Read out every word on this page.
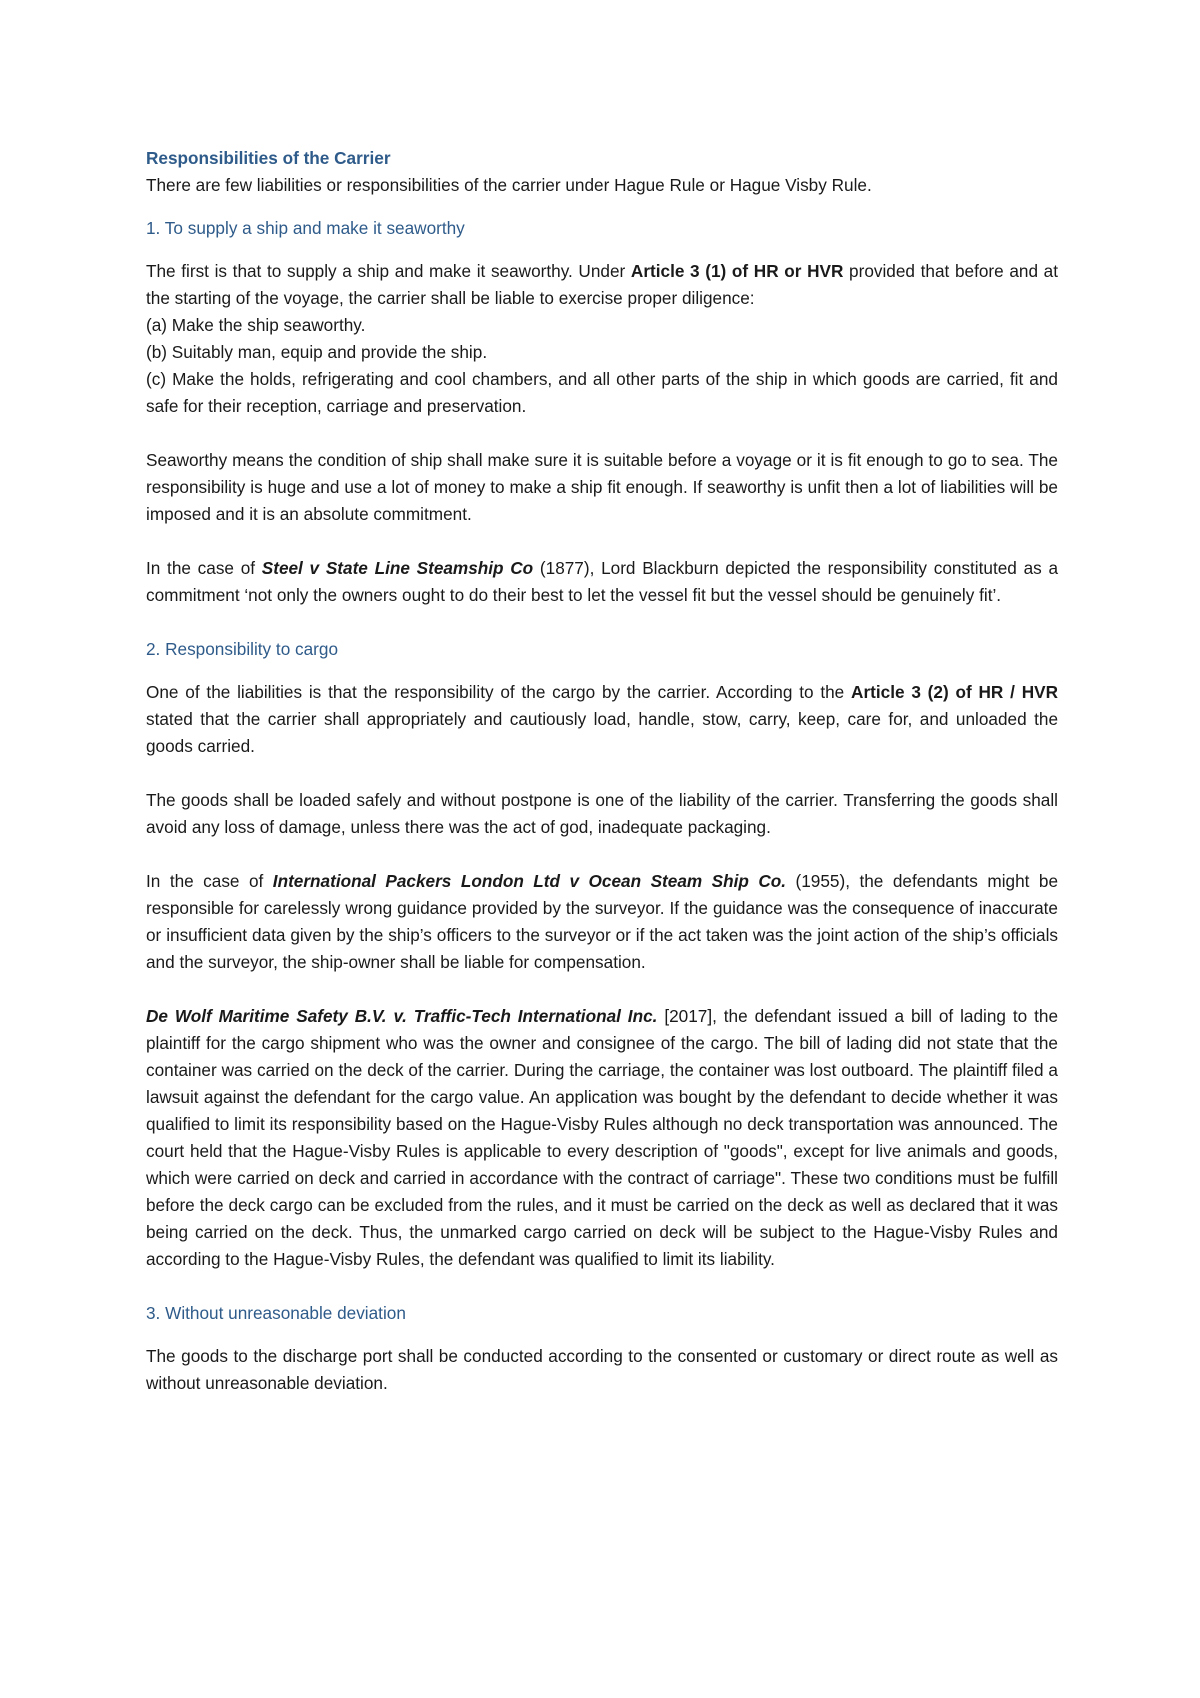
Responsibilities of the Carrier

There are few liabilities or responsibilities of the carrier under Hague Rule or Hague Visby Rule.

1. To supply a ship and make it seaworthy

The first is that to supply a ship and make it seaworthy. Under Article 3 (1) of HR or HVR provided that before and at the starting of the voyage, the carrier shall be liable to exercise proper diligence:

(a) Make the ship seaworthy.

(b) Suitably man, equip and provide the ship.

(c) Make the holds, refrigerating and cool chambers, and all other parts of the ship in which goods are carried, fit and safe for their reception, carriage and preservation.

Seaworthy means the condition of ship shall make sure it is suitable before a voyage or it is fit enough to go to sea. The responsibility is huge and use a lot of money to make a ship fit enough. If seaworthy is unfit then a lot of liabilities will be imposed and it is an absolute commitment.

In the case of Steel v State Line Steamship Co (1877), Lord Blackburn depicted the responsibility constituted as a commitment ‘not only the owners ought to do their best to let the vessel fit but the vessel should be genuinely fit’.

2. Responsibility to cargo

One of the liabilities is that the responsibility of the cargo by the carrier. According to the Article 3 (2) of HR / HVR stated that the carrier shall appropriately and cautiously load, handle, stow, carry, keep, care for, and unloaded the goods carried.

The goods shall be loaded safely and without postpone is one of the liability of the carrier. Transferring the goods shall avoid any loss of damage, unless there was the act of god, inadequate packaging.

In the case of International Packers London Ltd v Ocean Steam Ship Co. (1955), the defendants might be responsible for carelessly wrong guidance provided by the surveyor. If the guidance was the consequence of inaccurate or insufficient data given by the ship’s officers to the surveyor or if the act taken was the joint action of the ship’s officials and the surveyor, the ship-owner shall be liable for compensation.

De Wolf Maritime Safety B.V. v. Traffic-Tech International Inc. [2017], the defendant issued a bill of lading to the plaintiff for the cargo shipment who was the owner and consignee of the cargo. The bill of lading did not state that the container was carried on the deck of the carrier. During the carriage, the container was lost outboard. The plaintiff filed a lawsuit against the defendant for the cargo value. An application was bought by the defendant to decide whether it was qualified to limit its responsibility based on the Hague-Visby Rules although no deck transportation was announced. The court held that the Hague-Visby Rules is applicable to every description of "goods", except for live animals and goods, which were carried on deck and carried in accordance with the contract of carriage". These two conditions must be fulfill before the deck cargo can be excluded from the rules, and it must be carried on the deck as well as declared that it was being carried on the deck. Thus, the unmarked cargo carried on deck will be subject to the Hague-Visby Rules and according to the Hague-Visby Rules, the defendant was qualified to limit its liability.

3. Without unreasonable deviation

The goods to the discharge port shall be conducted according to the consented or customary or direct route as well as without unreasonable deviation.
